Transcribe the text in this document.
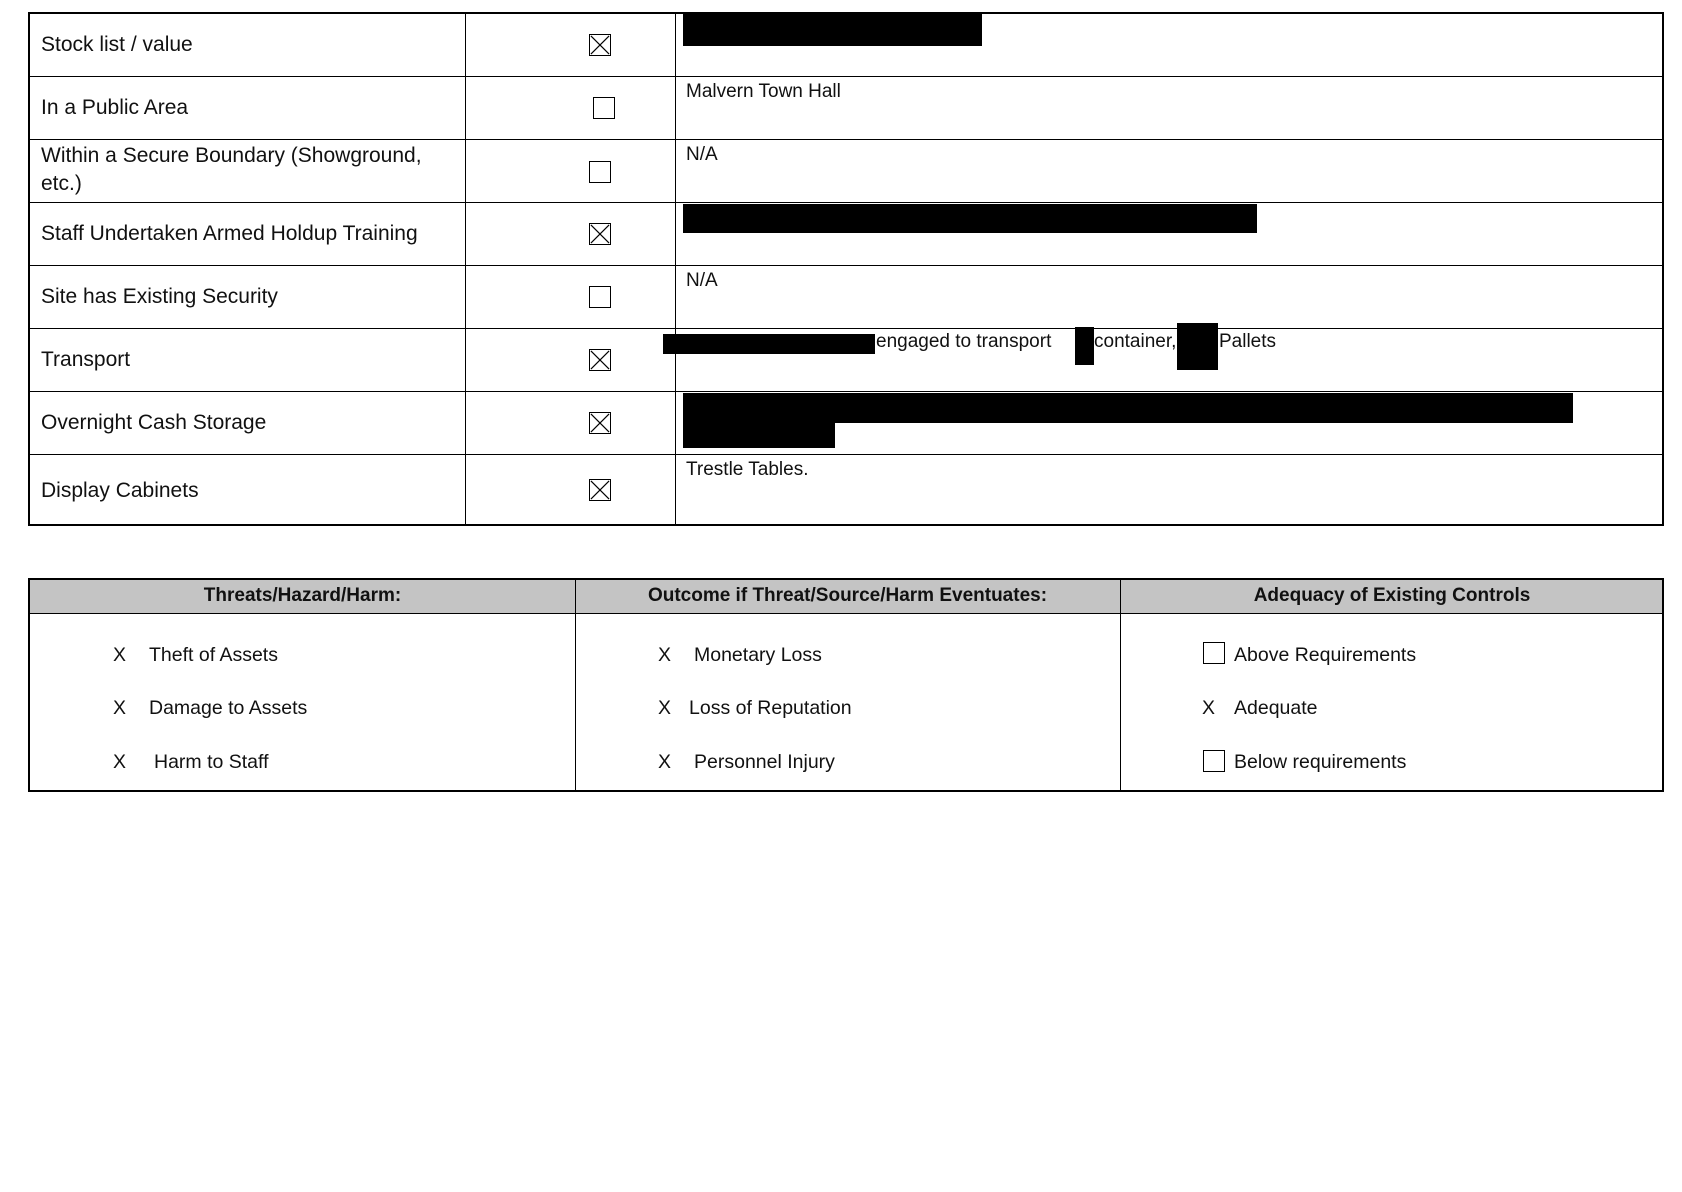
Stock list / value
In a Public Area
Malvern Town Hall
Within a Secure Boundary (Showground, etc.)
N/A
Staff Undertaken Armed Holdup Training
Site has Existing Security
N/A
Transport
engaged to transport container, Pallets
Overnight Cash Storage
Display Cabinets
Trestle Tables.
Threats/Hazard/Harm:	Outcome if Threat/Source/Harm Eventuates:	Adequacy of Existing Controls
X Theft of Assets
X Damage to Assets
X Harm to Staff
X Monetary Loss
X Loss of Reputation
X Personnel Injury
Above Requirements
X Adequate
Below requirements
